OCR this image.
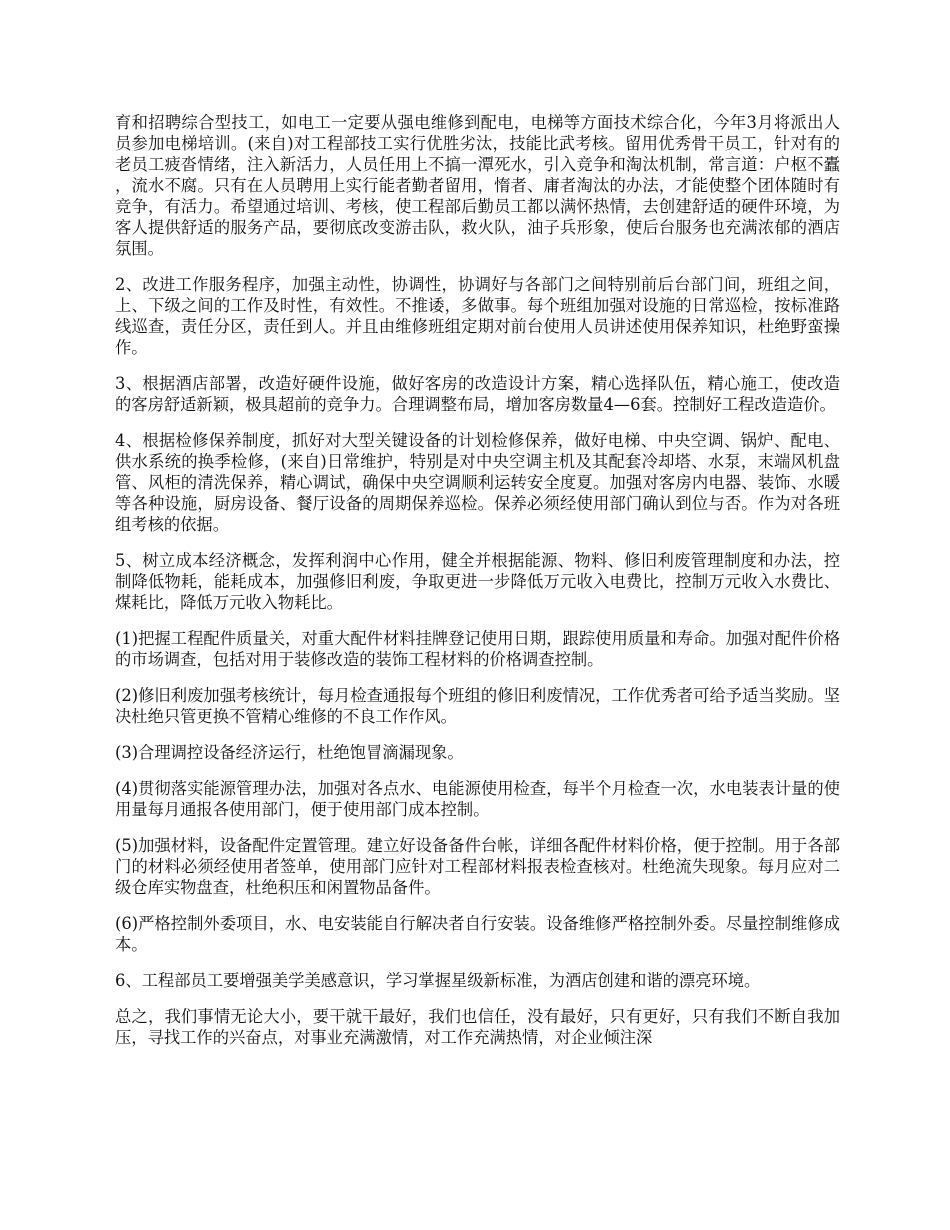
育和招聘综合型技工，如电工一定要从强电维修到配电，电梯等方面技术综合化，今年3月将派出人员参加电梯培训。(来自)对工程部技工实行优胜劣汰，技能比武考核。留用优秀骨干员工，针对有的老员工疲沓情绪，注入新活力，人员任用上不搞一潭死水，引入竞争和淘汰机制，常言道：户枢不蠹，流水不腐。只有在人员聘用上实行能者勤者留用，惰者、庸者淘汰的办法，才能使整个团体随时有竞争，有活力。希望通过培训、考核，使工程部后勤员工都以满怀热情，去创建舒适的硬件环境，为客人提供舒适的服务产品，要彻底改变游击队，救火队，油子兵形象，使后台服务也充满浓郁的酒店氛围。

2、改进工作服务程序，加强主动性，协调性，协调好与各部门之间特别前后台部门间，班组之间，上、下级之间的工作及时性，有效性。不推诿，多做事。每个班组加强对设施的日常巡检，按标准路线巡查，责任分区，责任到人。并且由维修班组定期对前台使用人员讲述使用保养知识，杜绝野蛮操作。

3、根据酒店部署，改造好硬件设施，做好客房的改造设计方案，精心选择队伍，精心施工，使改造的客房舒适新颖，极具超前的竞争力。合理调整布局，增加客房数量4—6套。控制好工程改造造价。

4、根据检修保养制度，抓好对大型关键设备的计划检修保养，做好电梯、中央空调、锅炉、配电、供水系统的换季检修，(来自)日常维护，特别是对中央空调主机及其配套冷却塔、水泵，末端风机盘管、风柜的清洗保养，精心调试，确保中央空调顺利运转安全度夏。加强对客房内电器、装饰、水暖等各种设施，厨房设备、餐厅设备的周期保养巡检。保养必须经使用部门确认到位与否。作为对各班组考核的依据。

5、树立成本经济概念，发挥利润中心作用，健全并根据能源、物料、修旧利废管理制度和办法，控制降低物耗，能耗成本，加强修旧利废，争取更进一步降低万元收入电费比，控制万元收入水费比、煤耗比，降低万元收入物耗比。

(1)把握工程配件质量关，对重大配件材料挂牌登记使用日期，跟踪使用质量和寿命。加强对配件价格的市场调查，包括对用于装修改造的装饰工程材料的价格调查控制。

(2)修旧利废加强考核统计，每月检查通报每个班组的修旧利废情况，工作优秀者可给予适当奖励。坚决杜绝只管更换不管精心维修的不良工作作风。

(3)合理调控设备经济运行，杜绝饱冒滴漏现象。

(4)贯彻落实能源管理办法，加强对各点水、电能源使用检查，每半个月检查一次，水电装表计量的使用量每月通报各使用部门，便于使用部门成本控制。

(5)加强材料，设备配件定置管理。建立好设备备件台帐，详细各配件材料价格，便于控制。用于各部门的材料必须经使用者签单，使用部门应针对工程部材料报表检查核对。杜绝流失现象。每月应对二级仓库实物盘查，杜绝积压和闲置物品备件。

(6)严格控制外委项目，水、电安装能自行解决者自行安装。设备维修严格控制外委。尽量控制维修成本。

6、工程部员工要增强美学美感意识，学习掌握星级新标准，为酒店创建和谐的漂亮环境。

总之，我们事情无论大小，要干就干最好，我们也信任，没有最好，只有更好，只有我们不断自我加压，寻找工作的兴奋点，对事业充满激情，对工作充满热情，对企业倾注深
